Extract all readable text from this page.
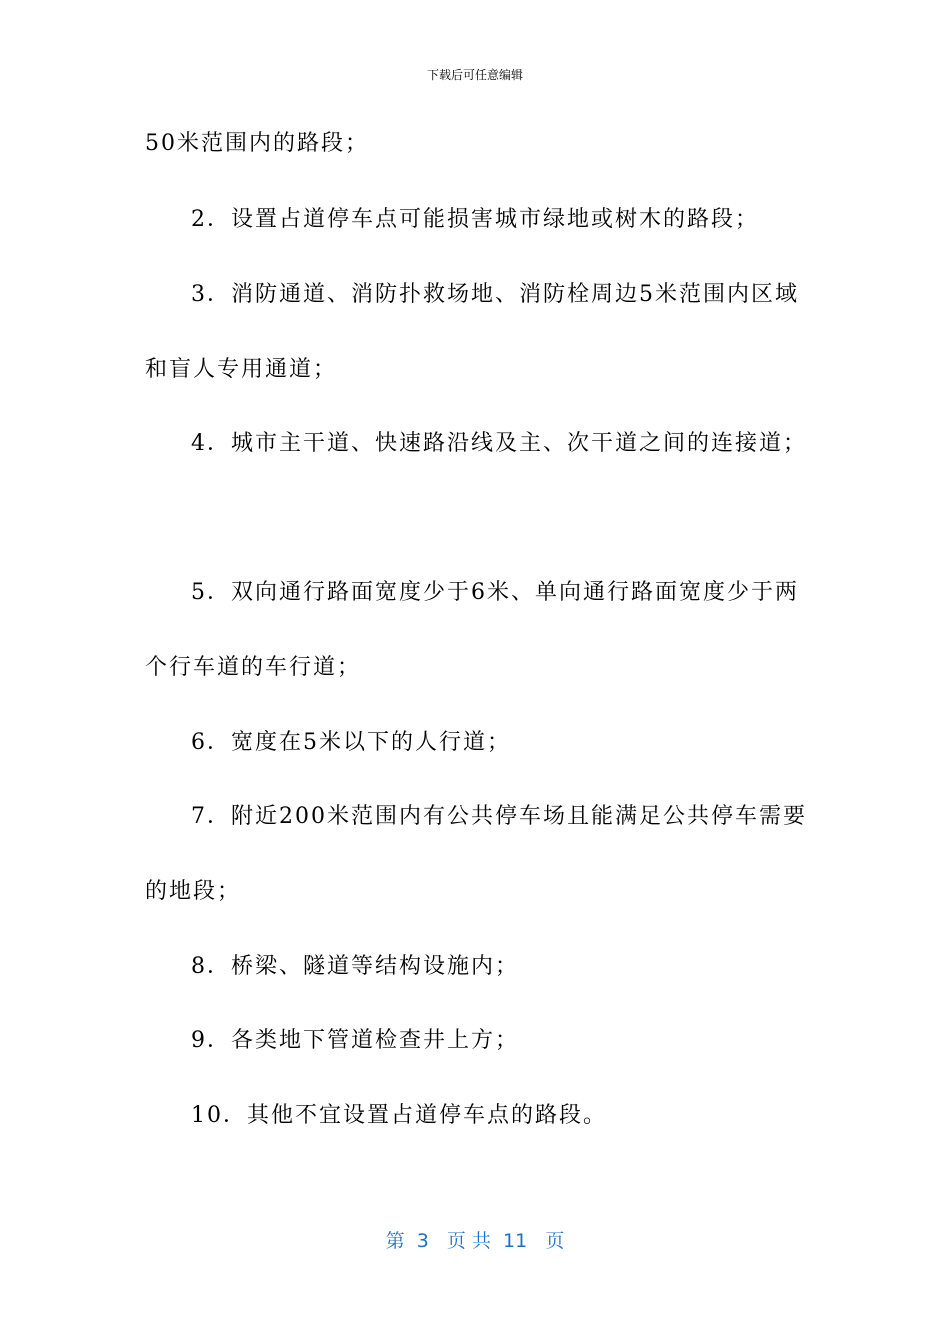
下载后可任意编辑
50米范围内的路段；
2．设置占道停车点可能损害城市绿地或树木的路段；
3．消防通道、消防扑救场地、消防栓周边5米范围内区域
和盲人专用通道；
4．城市主干道、快速路沿线及主、次干道之间的连接道；
5．双向通行路面宽度少于6米、单向通行路面宽度少于两
个行车道的车行道；
6．宽度在5米以下的人行道；
7．附近200米范围内有公共停车场且能满足公共停车需要
的地段；
8．桥梁、隧道等结构设施内；
9．各类地下管道检查井上方；
10．其他不宜设置占道停车点的路段。
第  3   页 共  11   页
